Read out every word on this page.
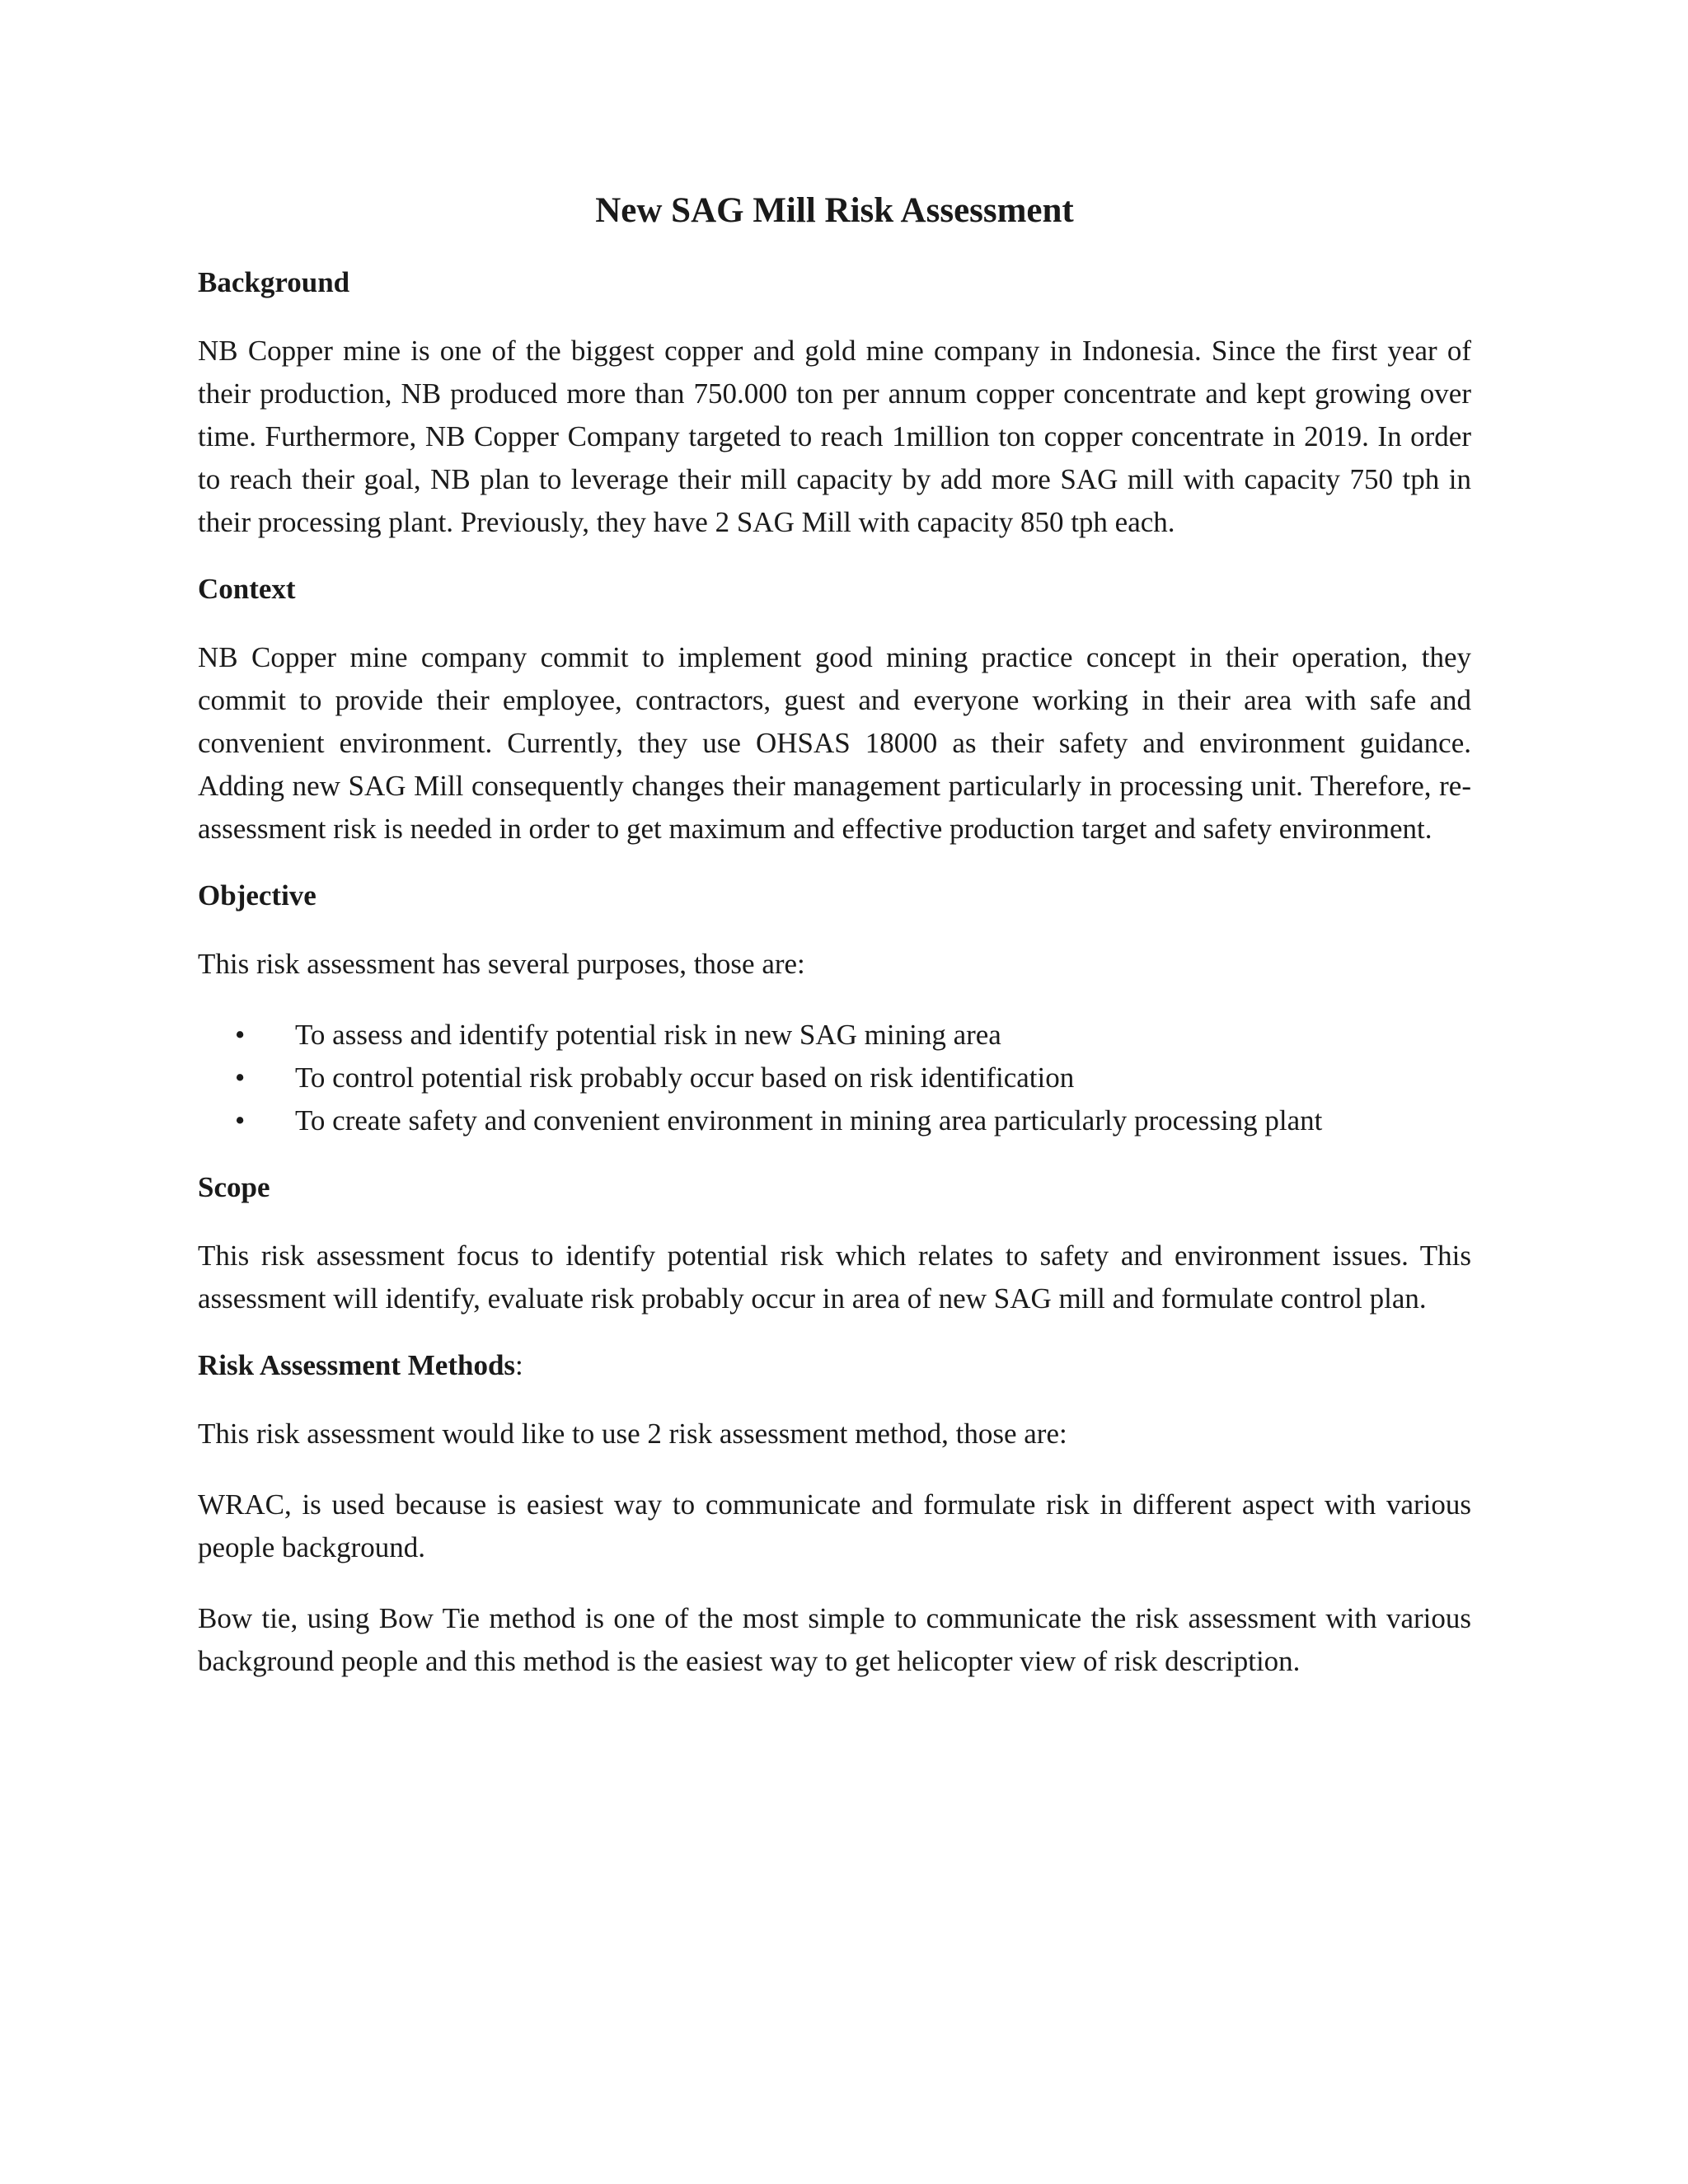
New SAG Mill Risk Assessment
Background

NB Copper mine is one of the biggest copper and gold mine company in Indonesia. Since the first year of their production, NB produced more than 750.000 ton per annum copper concentrate and kept growing over time. Furthermore, NB Copper Company targeted to reach 1million ton copper concentrate in 2019. In order to reach their goal, NB plan to leverage their mill capacity by add more SAG mill with capacity 750 tph in their processing plant. Previously, they have 2 SAG Mill with capacity 850 tph each.

Context

NB Copper mine company commit to implement good mining practice concept in their operation, they commit to provide their employee, contractors, guest and everyone working in their area with safe and convenient environment. Currently, they use OHSAS 18000 as their safety and environment guidance. Adding new SAG Mill consequently changes their management particularly in processing unit. Therefore, re-assessment risk is needed in order to get maximum and effective production target and safety environment.

Objective

This risk assessment has several purposes, those are:

• To assess and identify potential risk in new SAG mining area
• To control potential risk probably occur based on risk identification
• To create safety and convenient environment in mining area particularly processing plant
Scope

This risk assessment focus to identify potential risk which relates to safety and environment issues. This assessment will identify, evaluate risk probably occur in area of new SAG mill and formulate control plan.

Risk Assessment Methods:

This risk assessment would like to use 2 risk assessment method, those are:

WRAC, is used because is easiest way to communicate and formulate risk in different aspect with various people background.

Bow tie, using Bow Tie method is one of the most simple to communicate the risk assessment with various background people and this method is the easiest way to get helicopter view of risk description.
